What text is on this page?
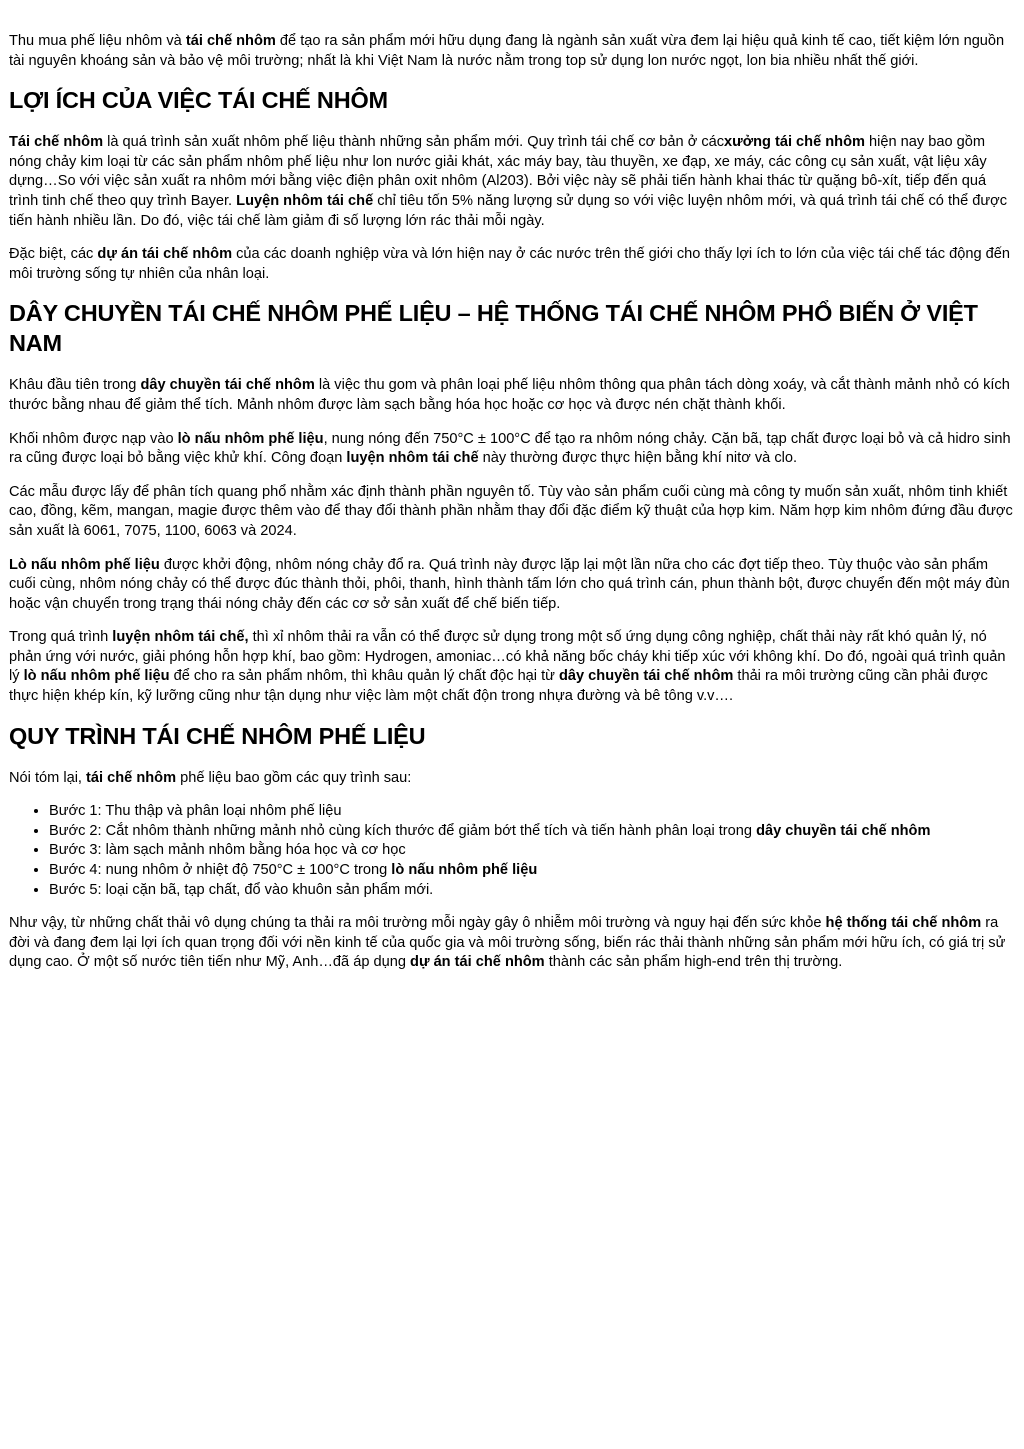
Thu mua phế liệu nhôm và tái chế nhôm để tạo ra sản phẩm mới hữu dụng đang là ngành sản xuất vừa đem lại hiệu quả kinh tế cao, tiết kiệm lớn nguồn tài nguyên khoáng sản và bảo vệ môi trường; nhất là khi Việt Nam là nước nằm trong top sử dụng lon nước ngọt, lon bia nhiều nhất thế giới.

LỢI ÍCH CỦA VIỆC TÁI CHẾ NHÔM

Tái chế nhôm là quá trình sản xuất nhôm phế liệu thành những sản phẩm mới. Quy trình tái chế cơ bản ở cácxưởng tái chế nhôm hiện nay bao gồm nóng chảy kim loại từ các sản phẩm nhôm phế liệu như lon nước giải khát, xác máy bay, tàu thuyền, xe đạp, xe máy, các công cụ sản xuất, vật liệu xây dựng…So với việc sản xuất ra nhôm mới bằng việc điện phân oxit nhôm (Al203). Bởi việc này sẽ phải tiến hành khai thác từ quặng bô-xít, tiếp đến quá trình tinh chế theo quy trình Bayer. Luyện nhôm tái chế chỉ tiêu tốn 5% năng lượng sử dụng so với việc luyện nhôm mới, và quá trình tái chế có thể được tiến hành nhiều lần. Do đó, việc tái chế làm giảm đi số lượng lớn rác thải mỗi ngày.

Đặc biệt, các dự án tái chế nhôm của các doanh nghiệp vừa và lớn hiện nay ở các nước trên thế giới cho thấy lợi ích to lớn của việc tái chế tác động đến môi trường sống tự nhiên của nhân loại.

DÂY CHUYỀN TÁI CHẾ NHÔM PHẾ LIỆU – HỆ THỐNG TÁI CHẾ NHÔM PHỔ BIẾN Ở VIỆT NAM

Khâu đầu tiên trong dây chuyền tái chế nhôm là việc thu gom và phân loại phế liệu nhôm thông qua phân tách dòng xoáy, và cắt thành mảnh nhỏ có kích thước bằng nhau để giảm thể tích. Mảnh nhôm được làm sạch bằng hóa học hoặc cơ học và được nén chặt thành khối.

Khối nhôm được nạp vào lò nấu nhôm phế liệu, nung nóng đến 750°C ± 100°C để tạo ra nhôm nóng chảy. Cặn bã, tạp chất được loại bỏ và cả hidro sinh ra cũng được loại bỏ bằng việc khử khí. Công đoạn luyện nhôm tái chế này thường được thực hiện bằng khí nitơ và clo.

Các mẫu được lấy để phân tích quang phổ nhằm xác định thành phần nguyên tố. Tùy vào sản phẩm cuối cùng mà công ty muốn sản xuất, nhôm tinh khiết cao, đồng, kẽm, mangan, magie được thêm vào để thay đổi thành phần nhằm thay đổi đặc điểm kỹ thuật của hợp kim. Năm hợp kim nhôm đứng đầu được sản xuất là 6061, 7075, 1100, 6063 và 2024.

Lò nấu nhôm phế liệu được khởi động, nhôm nóng chảy đổ ra. Quá trình này được lặp lại một lần nữa cho các đợt tiếp theo. Tùy thuộc vào sản phẩm cuối cùng, nhôm nóng chảy có thể được đúc thành thỏi, phôi, thanh, hình thành tấm lớn cho quá trình cán, phun thành bột, được chuyển đến một máy đùn hoặc vận chuyển trong trạng thái nóng chảy đến các cơ sở sản xuất để chế biến tiếp.

Trong quá trình luyện nhôm tái chế, thì xỉ nhôm thải ra vẫn có thể được sử dụng trong một số ứng dụng công nghiệp, chất thải này rất khó quản lý, nó phản ứng với nước, giải phóng hỗn hợp khí, bao gồm: Hydrogen, amoniac…có khả năng bốc cháy khi tiếp xúc với không khí. Do đó, ngoài quá trình quản lý lò nấu nhôm phế liệu để cho ra sản phẩm nhôm, thì khâu quản lý chất độc hại từ dây chuyền tái chế nhôm thải ra môi trường cũng cần phải được thực hiện khép kín, kỹ lưỡng cũng như tận dụng như việc làm một chất độn trong nhựa đường và bê tông v.v….

QUY TRÌNH TÁI CHẾ NHÔM PHẾ LIỆU

Nói tóm lại, tái chế nhôm phế liệu bao gồm các quy trình sau:

• Bước 1: Thu thập và phân loại nhôm phế liệu
• Bước 2: Cắt nhôm thành những mảnh nhỏ cùng kích thước để giảm bớt thể tích và tiến hành phân loại trong dây chuyền tái chế nhôm
• Bước 3: làm sạch mảnh nhôm bằng hóa học và cơ học
• Bước 4: nung nhôm ở nhiệt độ 750°C ± 100°C trong lò nấu nhôm phế liệu
• Bước 5: loại cặn bã, tạp chất, đổ vào khuôn sản phẩm mới.

Như vậy, từ những chất thải vô dụng chúng ta thải ra môi trường mỗi ngày gây ô nhiễm môi trường và nguy hại đến sức khỏe hệ thống tái chế nhôm ra đời và đang đem lại lợi ích quan trọng đối với nền kinh tế của quốc gia và môi trường sống, biến rác thải thành những sản phẩm mới hữu ích, có giá trị sử dụng cao. Ở một số nước tiên tiến như Mỹ, Anh…đã áp dụng dự án tái chế nhôm thành các sản phẩm high-end trên thị trường.
